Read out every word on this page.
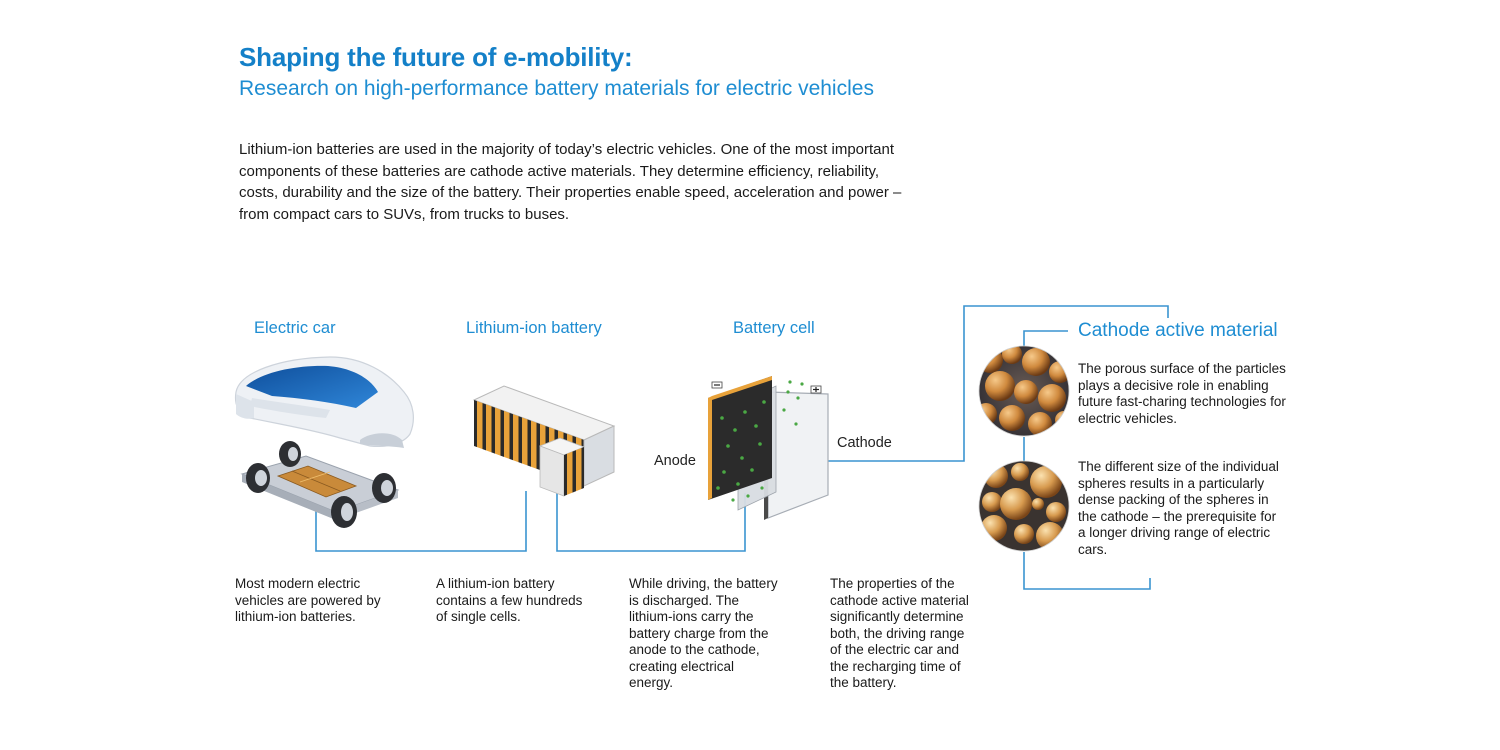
Shaping the future of e-mobility:
Research on high-performance battery materials for electric vehicles
Lithium-ion batteries are used in the majority of today’s electric vehicles. One of the most important components of these batteries are cathode active materials. They determine efficiency, reliability, costs, durability and the size of the battery. Their properties enable speed, acceleration and power – from compact cars to SUVs, from trucks to buses.
Electric car	Lithium-ion battery	Battery cell
Anode
Cathode
Most modern electric vehicles are powered by lithium-ion batteries.
A lithium-ion battery contains a few hundreds of single cells.
While driving, the battery is discharged. The lithium-ions carry the battery charge from the anode to the cathode, creating electrical energy.
The properties of the cathode active material significantly determine both, the driving range of the electric car and the recharging time of the battery.
Cathode active material
The porous surface of the particles plays a decisive role in enabling future fast-charing technologies for electric vehicles.
The different size of the individual spheres results in a particularly dense packing of the spheres in the cathode – the prerequisite for a longer driving range of electric cars.
